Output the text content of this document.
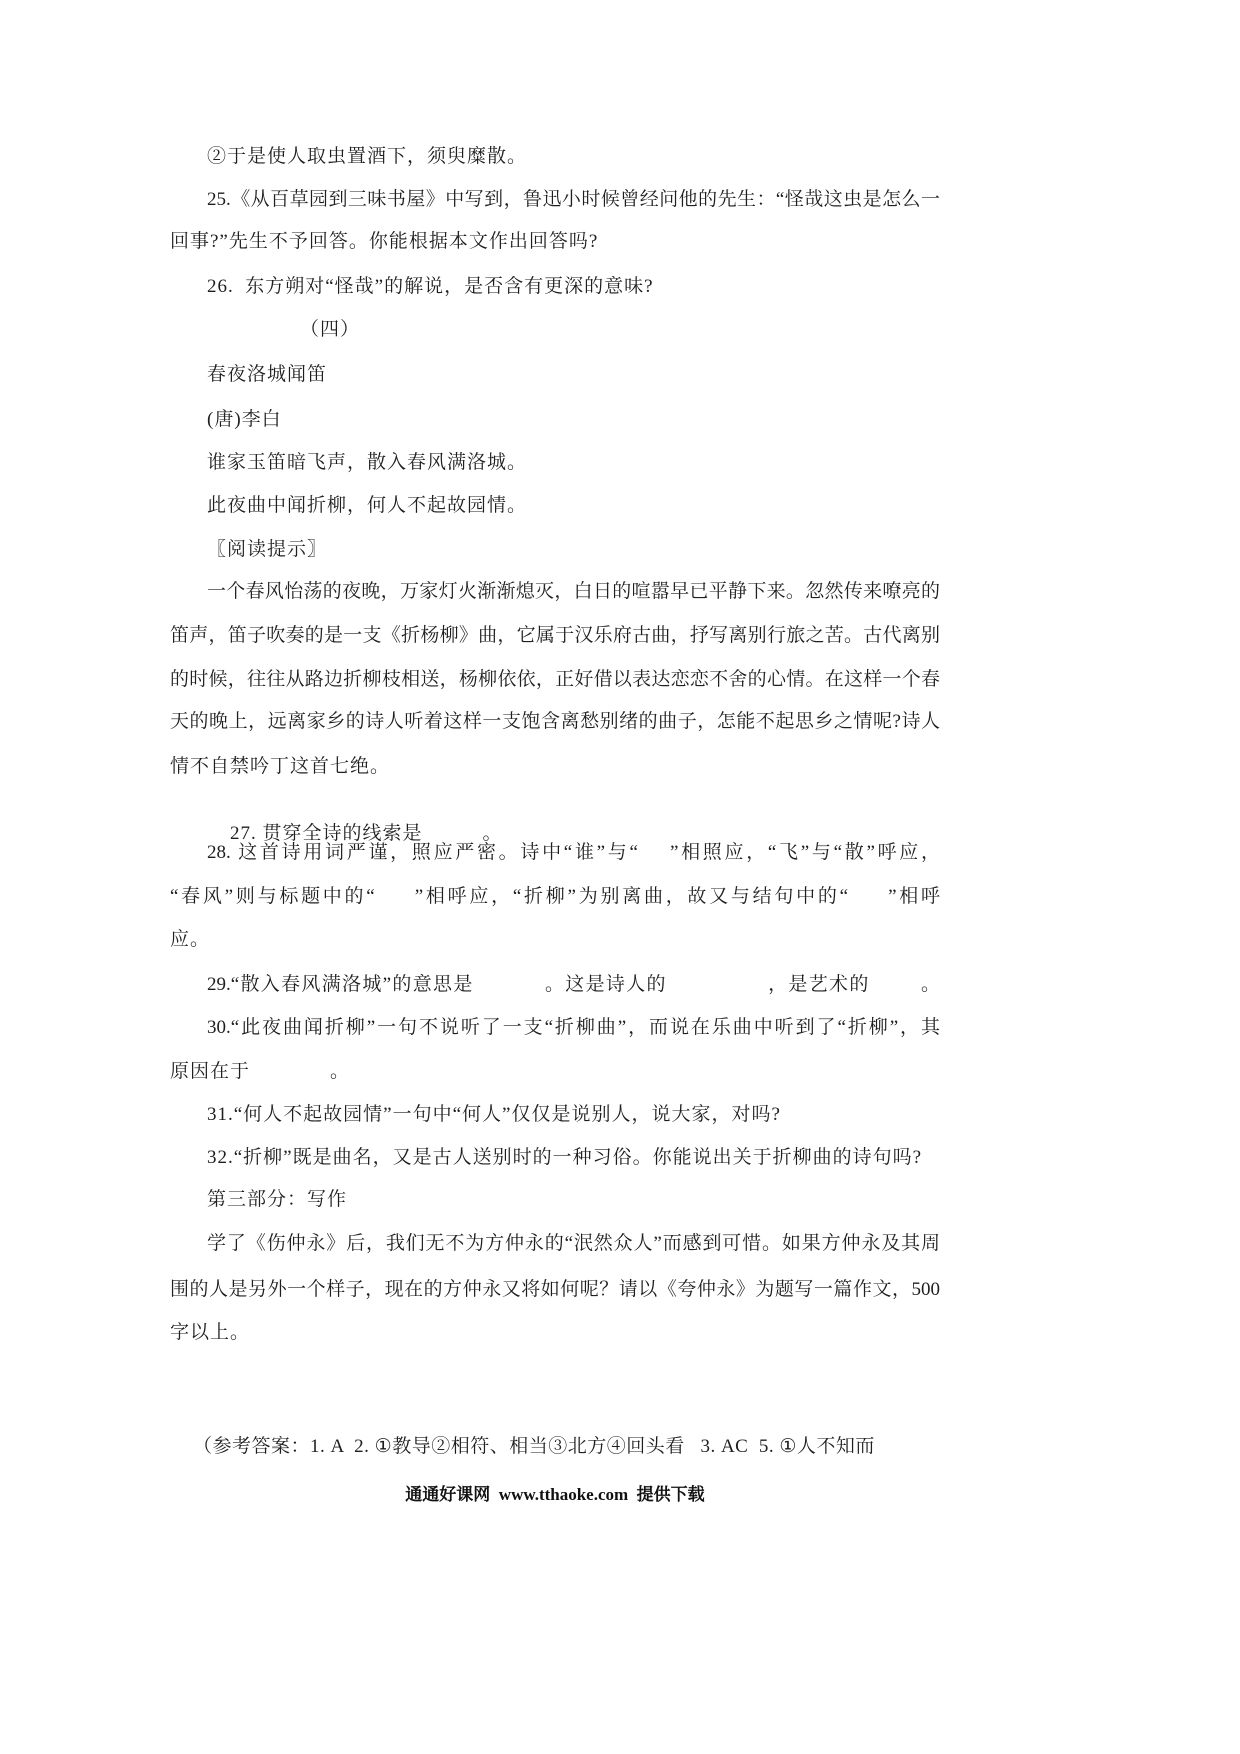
②于是使人取虫置酒下，须臾糜散。
25.《从百草园到三味书屋》中写到，鲁迅小时候曾经问他的先生：“怪哉这虫是怎么一
回事?”先生不予回答。你能根据本文作出回答吗?
26.  东方朔对“怪哉”的解说，是否含有更深的意味?
（四）
春夜洛城闻笛
(唐)李白
谁家玉笛暗飞声，散入春风满洛城。
此夜曲中闻折柳，何人不起故园情。
〖阅读提示〗
一个春风怡荡的夜晚，万家灯火渐渐熄灭，白日的喧嚣早已平静下来。忽然传来嘹亮的
笛声，笛子吹奏的是一支《折杨柳》曲，它属于汉乐府古曲，抒写离别行旅之苦。古代离别
的时候，往往从路边折柳枝相送，杨柳依依，正好借以表达恋恋不舍的心情。在这样一个春
天的晚上，远离家乡的诗人听着这样一支饱含离愁别绪的曲子，怎能不起思乡之情呢?诗人
情不自禁吟丁这首七绝。

27. 贯穿全诗的线索是	。

28. 这首诗用词严谨，照应严密。诗中“谁”与“ ”相照应，“飞”与“散”呼应，
“春风”则与标题中的“ ”相呼应，“折柳”为别离曲，故又与结句中的“ ”相呼
应。
29.“散入春风满洛城”的意思是	。这是诗人的	，是艺术的	。
30.“此夜曲闻折柳”一句不说听了一支“折柳曲”，而说在乐曲中听到了“折柳”，其
原因在于	。
31.“何人不起故园情”一句中“何人”仅仅是说别人，说大家，对吗?
32.“折柳”既是曲名，又是古人送别时的一种习俗。你能说出关于折柳曲的诗句吗?
第三部分：写作
学了《伤仲永》后，我们无不为方仲永的“泯然众人”而感到可惜。如果方仲永及其周
围的人是另外一个样子，现在的方仲永又将如何呢？请以《夸仲永》为题写一篇作文，500
字以上。
（参考答案：1. A  2. ①教导②相符、相当③北方④回头看   3. AC  5. ①人不知而
通通好课网  www.tthaoke.com  提供下载
